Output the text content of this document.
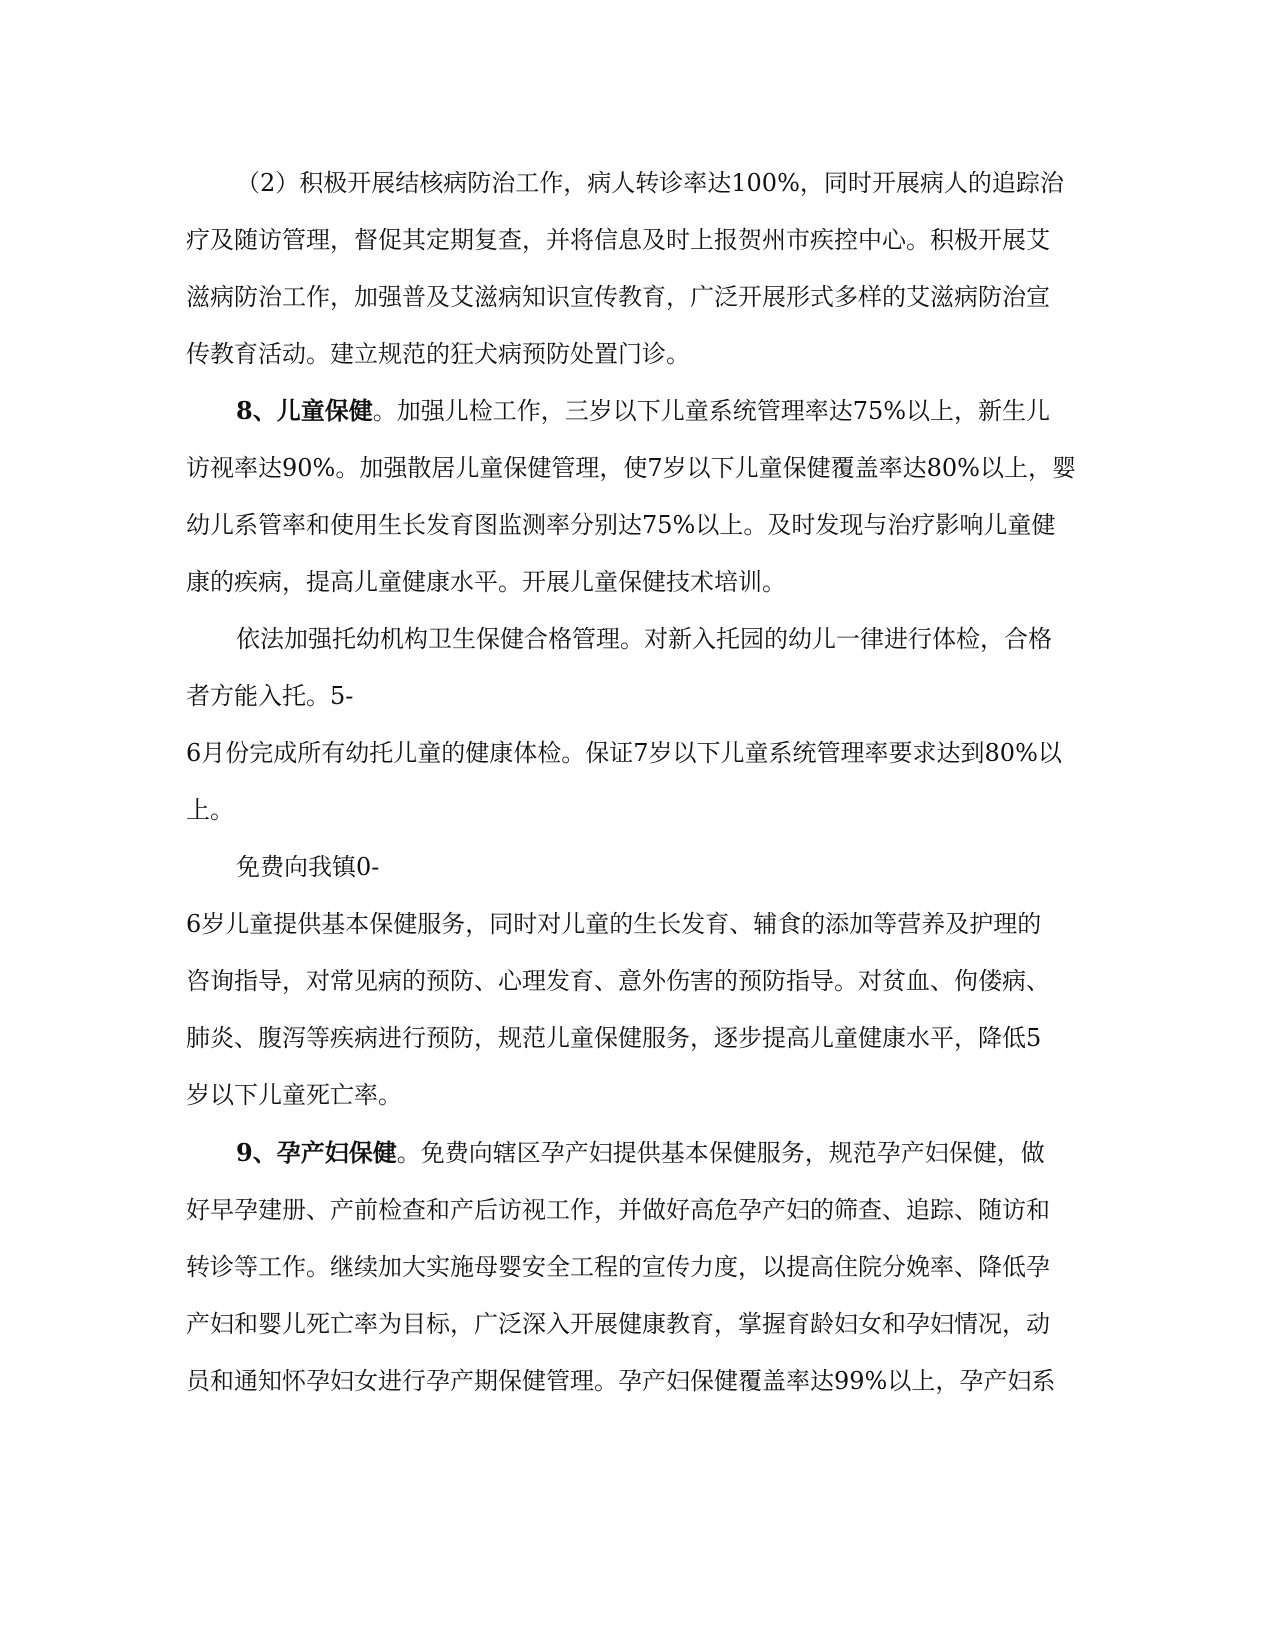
（2）积极开展结核病防治工作，病人转诊率达100%，同时开展病人的追踪治
疗及随访管理，督促其定期复查，并将信息及时上报贺州市疾控中心。积极开展艾
滋病防治工作，加强普及艾滋病知识宣传教育，广泛开展形式多样的艾滋病防治宣
传教育活动。建立规范的狂犬病预防处置门诊。
8、儿童保健。加强儿检工作，三岁以下儿童系统管理率达75%以上，新生儿
访视率达90%。加强散居儿童保健管理，使7岁以下儿童保健覆盖率达80%以上，婴
幼儿系管率和使用生长发育图监测率分别达75%以上。及时发现与治疗影响儿童健
康的疾病，提高儿童健康水平。开展儿童保健技术培训。
依法加强托幼机构卫生保健合格管理。对新入托园的幼儿一律进行体检，合格
者方能入托。5-
6月份完成所有幼托儿童的健康体检。保证7岁以下儿童系统管理率要求达到80%以
上。
免费向我镇0-
6岁儿童提供基本保健服务，同时对儿童的生长发育、辅食的添加等营养及护理的
咨询指导，对常见病的预防、心理发育、意外伤害的预防指导。对贫血、佝偻病、
肺炎、腹泻等疾病进行预防，规范儿童保健服务，逐步提高儿童健康水平，降低5
岁以下儿童死亡率。
9、孕产妇保健。免费向辖区孕产妇提供基本保健服务，规范孕产妇保健，做
好早孕建册、产前检查和产后访视工作，并做好高危孕产妇的筛查、追踪、随访和
转诊等工作。继续加大实施母婴安全工程的宣传力度，以提高住院分娩率、降低孕
产妇和婴儿死亡率为目标，广泛深入开展健康教育，掌握育龄妇女和孕妇情况，动
员和通知怀孕妇女进行孕产期保健管理。孕产妇保健覆盖率达99%以上，孕产妇系
